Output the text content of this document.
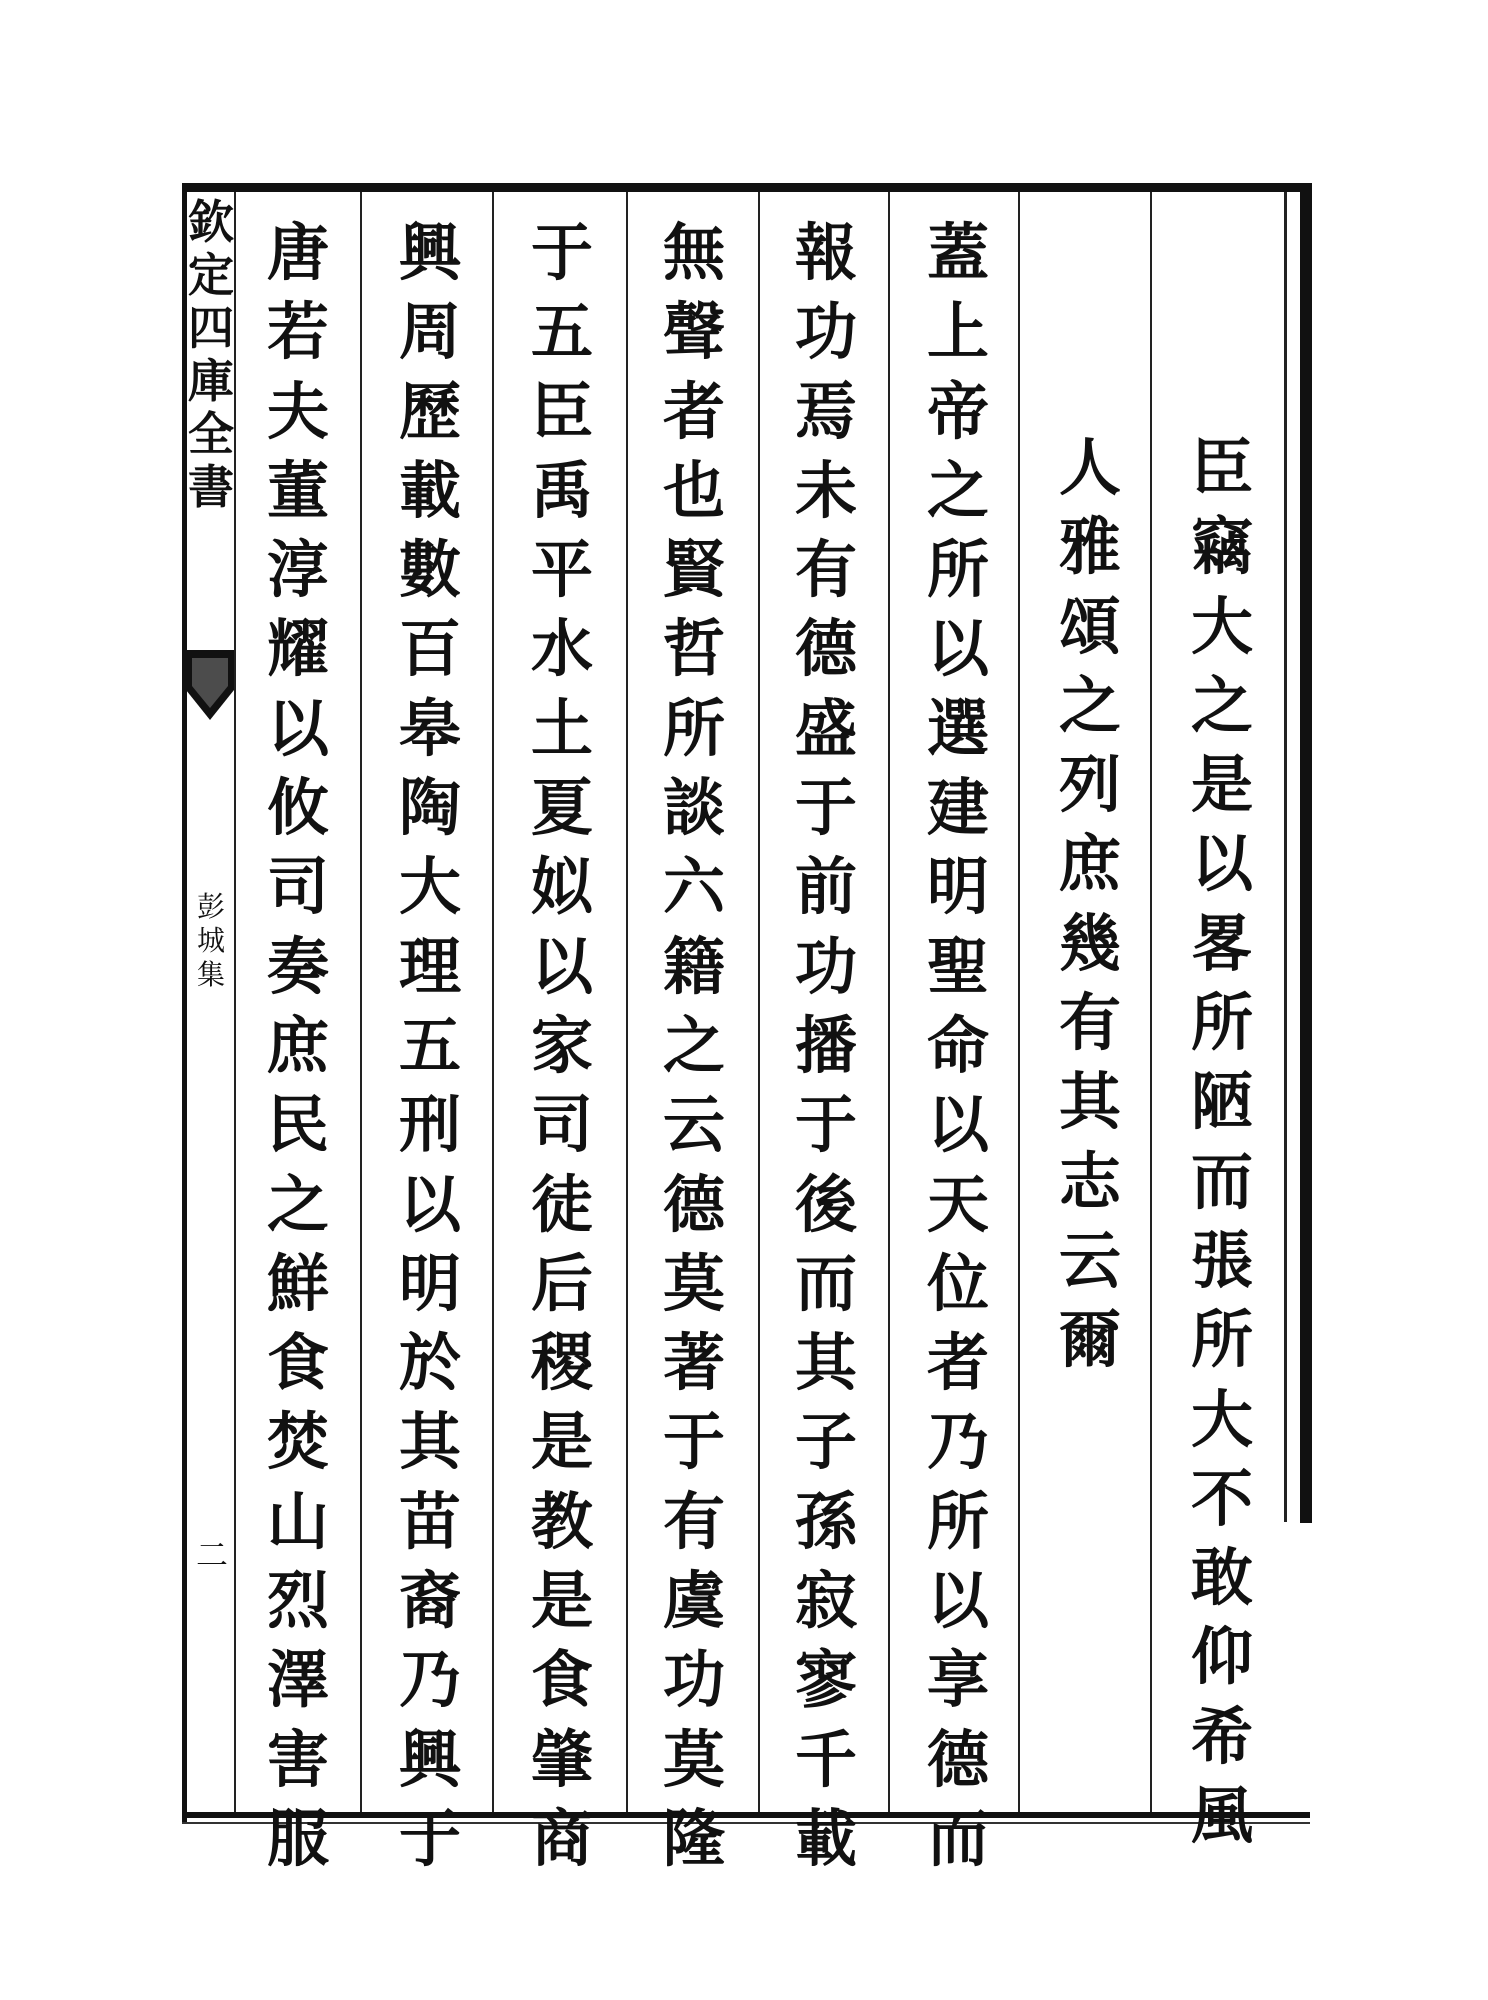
欽
定
四
庫
全
書
彭
城
集
二
臣
竊
大
之
是
以
畧
所
陋
而
張
所
大
不
敢
仰
希
風
人
雅
頌
之
列
庶
幾
有
其
志
云
爾
蓋
上
帝
之
所
以
選
建
明
聖
命
以
天
位
者
乃
所
以
享
德
而
報
功
焉
未
有
德
盛
于
前
功
播
于
後
而
其
子
孫
寂
寥
千
載
無
聲
者
也
賢
哲
所
談
六
籍
之
云
德
莫
著
于
有
虞
功
莫
隆
于
五
臣
禹
平
水
土
夏
姒
以
家
司
徒
后
稷
是
教
是
食
肇
商
興
周
歷
載
數
百
皋
陶
大
理
五
刑
以
明
於
其
苗
裔
乃
興
于
唐
若
夫
董
淳
耀
以
攸
司
奏
庶
民
之
鮮
食
焚
山
烈
澤
害
服
